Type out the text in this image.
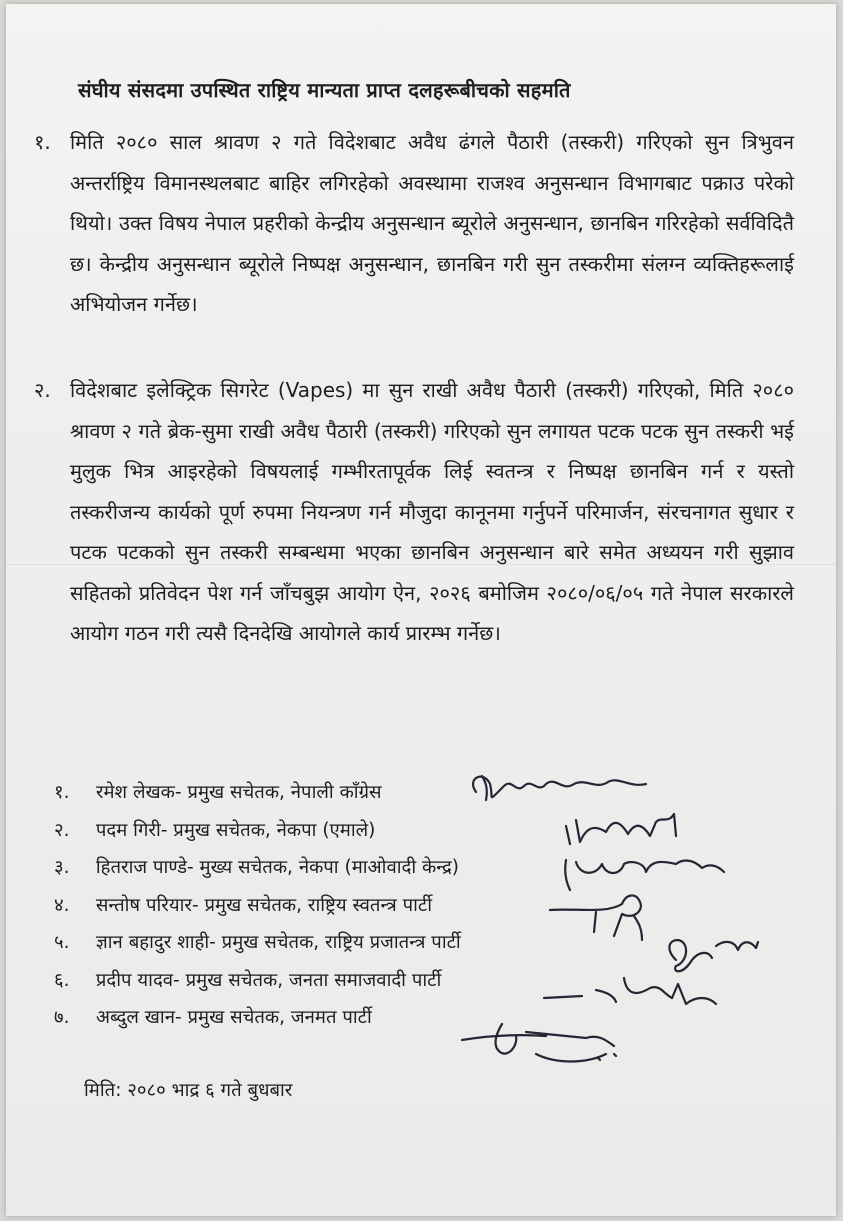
संघीय संसदमा उपस्थित राष्ट्रिय मान्यता प्राप्त दलहरूबीचको सहमति
१. मिति २०८० साल श्रावण २ गते विदेशबाट अवैध ढंगले पैठारी (तस्करी) गरिएको सुन त्रिभुवन अन्तर्राष्ट्रिय विमानस्थलबाट बाहिर लगिरहेको अवस्थामा राजश्व अनुसन्धान विभागबाट पक्राउ परेको थियो। उक्त विषय नेपाल प्रहरीको केन्द्रीय अनुसन्धान ब्यूरोले अनुसन्धान, छानबिन गरिरहेको सर्वविदितै छ। केन्द्रीय अनुसन्धान ब्यूरोले निष्पक्ष अनुसन्धान, छानबिन गरी सुन तस्करीमा संलग्न व्यक्तिहरूलाई अभियोजन गर्नेछ।
२. विदेशबाट इलेक्ट्रिक सिगरेट (Vapes) मा सुन राखी अवैध पैठारी (तस्करी) गरिएको, मिति २०८० श्रावण २ गते ब्रेक-सुमा राखी अवैध पैठारी (तस्करी) गरिएको सुन लगायत पटक पटक सुन तस्करी भई मुलुक भित्र आइरहेको विषयलाई गम्भीरतापूर्वक लिई स्वतन्त्र र निष्पक्ष छानबिन गर्न र यस्तो तस्करीजन्य कार्यको पूर्ण रुपमा नियन्त्रण गर्न मौजुदा कानूनमा गर्नुपर्ने परिमार्जन, संरचनागत सुधार र पटक पटकको सुन तस्करी सम्बन्धमा भएका छानबिन अनुसन्धान बारे समेत अध्ययन गरी सुझाव सहितको प्रतिवेदन पेश गर्न जाँचबुझ आयोग ऐन, २०२६ बमोजिम २०८०/०६/०५ गते नेपाल सरकारले आयोग गठन गरी त्यसै दिनदेखि आयोगले कार्य प्रारम्भ गर्नेछ।
१. रमेश लेखक- प्रमुख सचेतक, नेपाली काँग्रेस
२. पदम गिरी- प्रमुख सचेतक, नेकपा (एमाले)
३. हितराज पाण्डे- मुख्य सचेतक, नेकपा (माओवादी केन्द्र)
४. सन्तोष परियार- प्रमुख सचेतक, राष्ट्रिय स्वतन्त्र पार्टी
५. ज्ञान बहादुर शाही- प्रमुख सचेतक, राष्ट्रिय प्रजातन्त्र पार्टी
६. प्रदीप यादव- प्रमुख सचेतक, जनता समाजवादी पार्टी
७. अब्दुल खान- प्रमुख सचेतक, जनमत पार्टी
मिति: २०८० भाद्र ६ गते बुधबार
